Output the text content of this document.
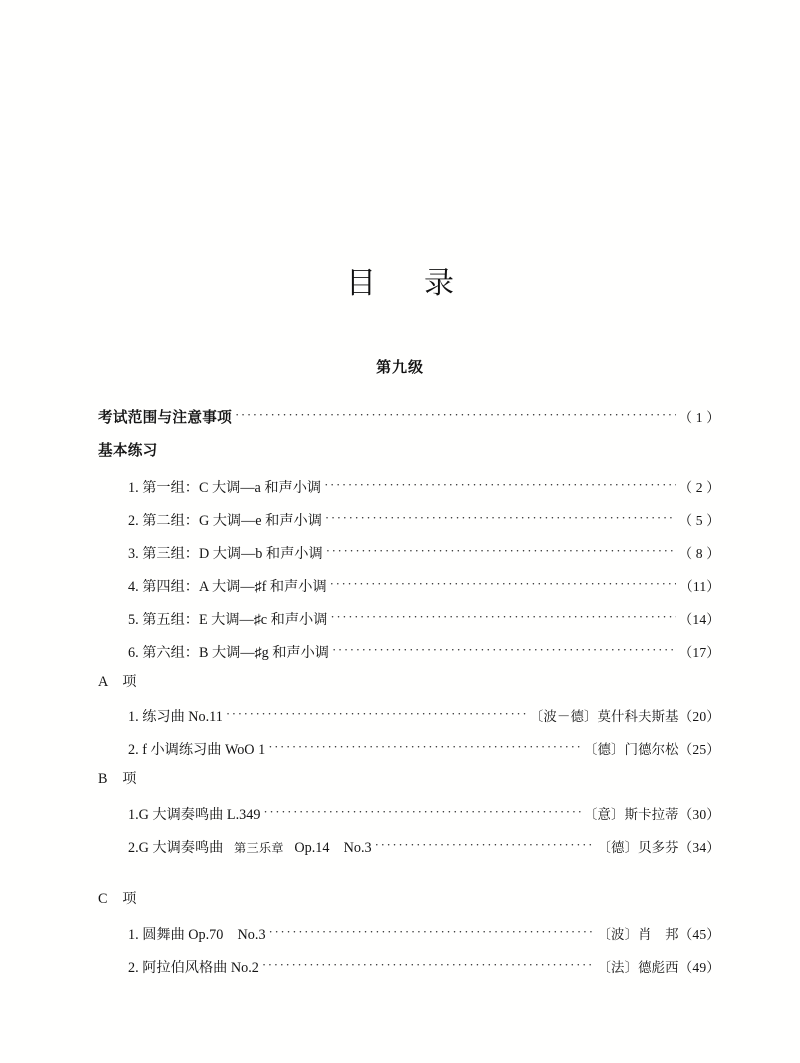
目　录
第九级
考试范围与注意事项 ·····	（ 1 ）
基本练习
1. 第一组：C 大调—a 和声小调 ·····	（ 2 ）
2. 第二组：G 大调—e 和声小调 ·····	（ 5 ）
3. 第三组：D 大调—b 和声小调 ·····	（ 8 ）
4. 第四组：A 大调—♯f 和声小调 ·····	（11）
5. 第五组：E 大调—♯c 和声小调 ·····	（14）
6. 第六组：B 大调—♯g 和声小调 ·····	（17）
A　项
1. 练习曲 No.11 ·····	〔波－德〕莫什科夫斯基 （20）
2. f 小调练习曲 WoO 1 ·····	〔德〕门德尔松 （25）
B　项
1.G 大调奏鸣曲 L.349 ·····	〔意〕斯卡拉蒂 （30）
2.G 大调奏鸣曲 第三乐章 Op.14　No.3 ·····	〔德〕贝多芬 （34）
C　项
1. 圆舞曲 Op.70　No.3 ·····	〔波〕肖　邦 （45）
2. 阿拉伯风格曲 No.2 ·····	〔法〕德彪西 （49）
